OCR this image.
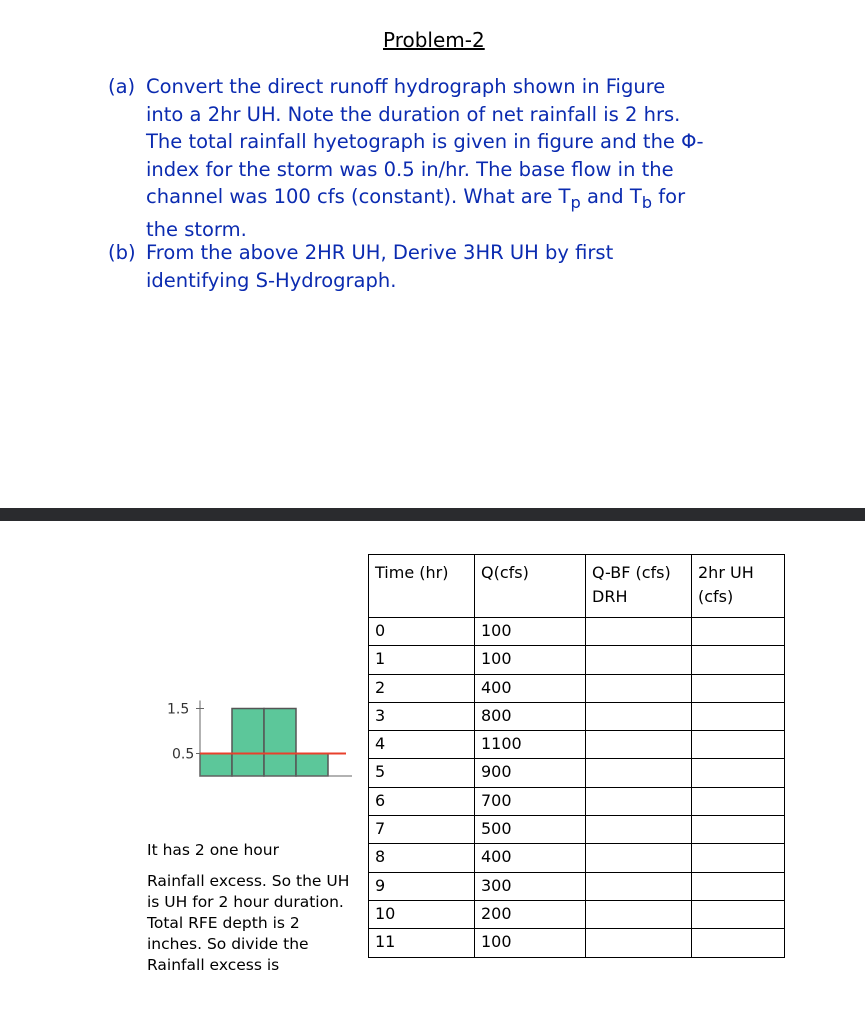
Problem-2
(a) Convert the direct runoff hydrograph shown in Figure
into a 2hr UH. Note the duration of net rainfall is 2 hrs.
The total rainfall hyetograph is given in figure and the Φ-
index for the storm was 0.5 in/hr. The base flow in the
channel was 100 cfs (constant). What are $T_p$ and $T_b$ for
the storm.
(b) From the above 2HR UH, Derive 3HR UH by first
identifying S-Hydrograph.
Time (hr)	Q(cfs)	Q-BF (cfs) DRH	2hr UH (cfs)
0	100		
1	100		
2	400		
3	800		
4	1100		
5	900		
6	700		
7	500		
8	400		
9	300		
10	200		
11	100		
1.5
0.5
It has 2 one hour
Rainfall excess. So the UH is UH for 2 hour duration. Total RFE depth is 2 inches. So divide the Rainfall excess is
